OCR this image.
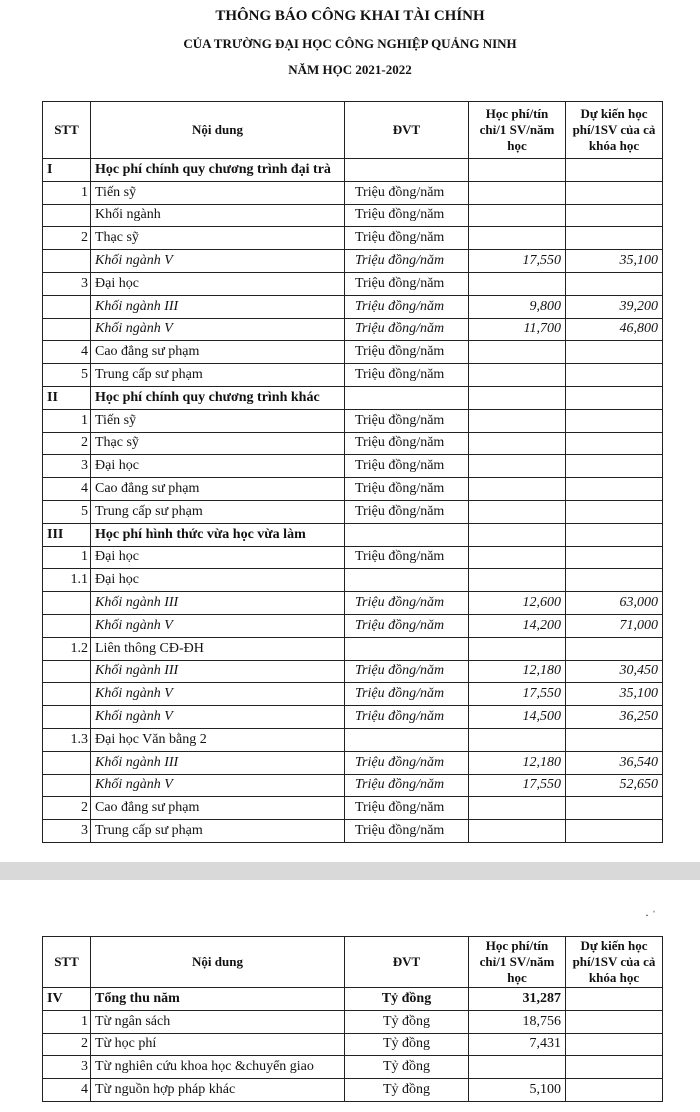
THÔNG BÁO CÔNG KHAI TÀI CHÍNH
CỦA TRƯỜNG ĐẠI HỌC CÔNG NGHIỆP QUẢNG NINH
NĂM HỌC 2021-2022
STT	Nội dung	ĐVT	Học phí/tín chỉ/1 SV/năm học	Dự kiến học phí/1SV của cả khóa học
I	Học phí chính quy chương trình đại trà			
1	Tiến sỹ	Triệu đồng/năm		
	Khối ngành	Triệu đồng/năm		
2	Thạc sỹ	Triệu đồng/năm		
	Khối ngành V	Triệu đồng/năm	17,550	35,100
3	Đại học	Triệu đồng/năm		
	Khối ngành III	Triệu đồng/năm	9,800	39,200
	Khối ngành V	Triệu đồng/năm	11,700	46,800
4	Cao đẳng sư phạm	Triệu đồng/năm		
5	Trung cấp sư phạm	Triệu đồng/năm		
II	Học phí chính quy chương trình khác			
1	Tiến sỹ	Triệu đồng/năm		
2	Thạc sỹ	Triệu đồng/năm		
3	Đại học	Triệu đồng/năm		
4	Cao đẳng sư phạm	Triệu đồng/năm		
5	Trung cấp sư phạm	Triệu đồng/năm		
III	Học phí hình thức vừa học vừa làm			
1	Đại học	Triệu đồng/năm		
1.1	Đại học			
	Khối ngành III	Triệu đồng/năm	12,600	63,000
	Khối ngành V	Triệu đồng/năm	14,200	71,000
1.2	Liên thông CĐ-ĐH			
	Khối ngành III	Triệu đồng/năm	12,180	30,450
	Khối ngành V	Triệu đồng/năm	17,550	35,100
	Khối ngành V	Triệu đồng/năm	14,500	36,250
1.3	Đại học Văn bằng 2			
	Khối ngành III	Triệu đồng/năm	12,180	36,540
	Khối ngành V	Triệu đồng/năm	17,550	52,650
2	Cao đẳng sư phạm	Triệu đồng/năm		
3	Trung cấp sư phạm	Triệu đồng/năm		
· ˈ
STT	Nội dung	ĐVT	Học phí/tín chỉ/1 SV/năm học	Dự kiến học phí/1SV của cả khóa học
IV	Tổng thu năm	Tỷ đồng	31,287	
1	Từ ngân sách	Tỷ đồng	18,756	
2	Từ học phí	Tỷ đồng	7,431	
3	Từ nghiên cứu khoa học &chuyển giao	Tỷ đồng		
4	Từ nguồn hợp pháp khác	Tỷ đồng	5,100	
